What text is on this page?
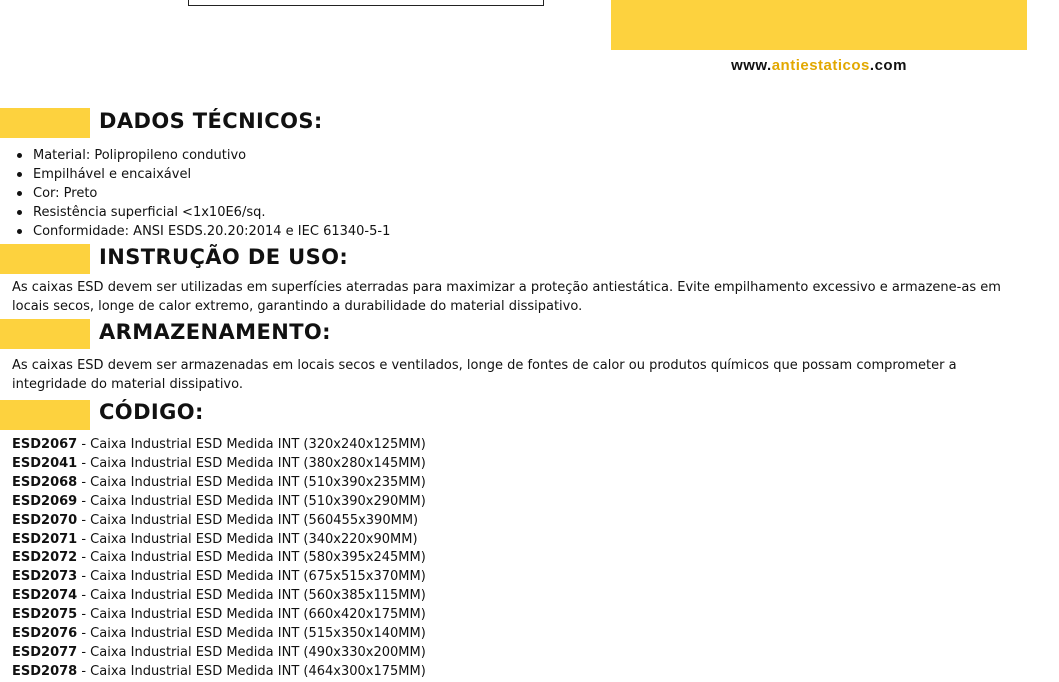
www.antiestaticos.com
DADOS TÉCNICOS:
Material: Polipropileno condutivo
Empilhável e encaixável
Cor: Preto
Resistência superficial <1x10E6/sq.
Conformidade: ANSI ESDS.20.20:2014 e IEC 61340-5-1
INSTRUÇÃO DE USO:

As caixas ESD devem ser utilizadas em superfícies aterradas para maximizar a proteção antiestática. Evite empilhamento excessivo e armazene-as em locais secos, longe de calor extremo, garantindo a durabilidade do material dissipativo.

ARMAZENAMENTO:

As caixas ESD devem ser armazenadas em locais secos e ventilados, longe de fontes de calor ou produtos químicos que possam comprometer a integridade do material dissipativo.

CÓDIGO:
ESD2067 - Caixa Industrial ESD Medida INT (320x240x125MM)
ESD2041 - Caixa Industrial ESD Medida INT (380x280x145MM)
ESD2068 - Caixa Industrial ESD Medida INT (510x390x235MM)
ESD2069 - Caixa Industrial ESD Medida INT (510x390x290MM)
ESD2070 - Caixa Industrial ESD Medida INT (560455x390MM)
ESD2071 - Caixa Industrial ESD Medida INT (340x220x90MM)
ESD2072 - Caixa Industrial ESD Medida INT (580x395x245MM)
ESD2073 - Caixa Industrial ESD Medida INT (675x515x370MM)
ESD2074 - Caixa Industrial ESD Medida INT (560x385x115MM)
ESD2075 - Caixa Industrial ESD Medida INT (660x420x175MM)
ESD2076 - Caixa Industrial ESD Medida INT (515x350x140MM)
ESD2077 - Caixa Industrial ESD Medida INT (490x330x200MM)
ESD2078 - Caixa Industrial ESD Medida INT (464x300x175MM)
